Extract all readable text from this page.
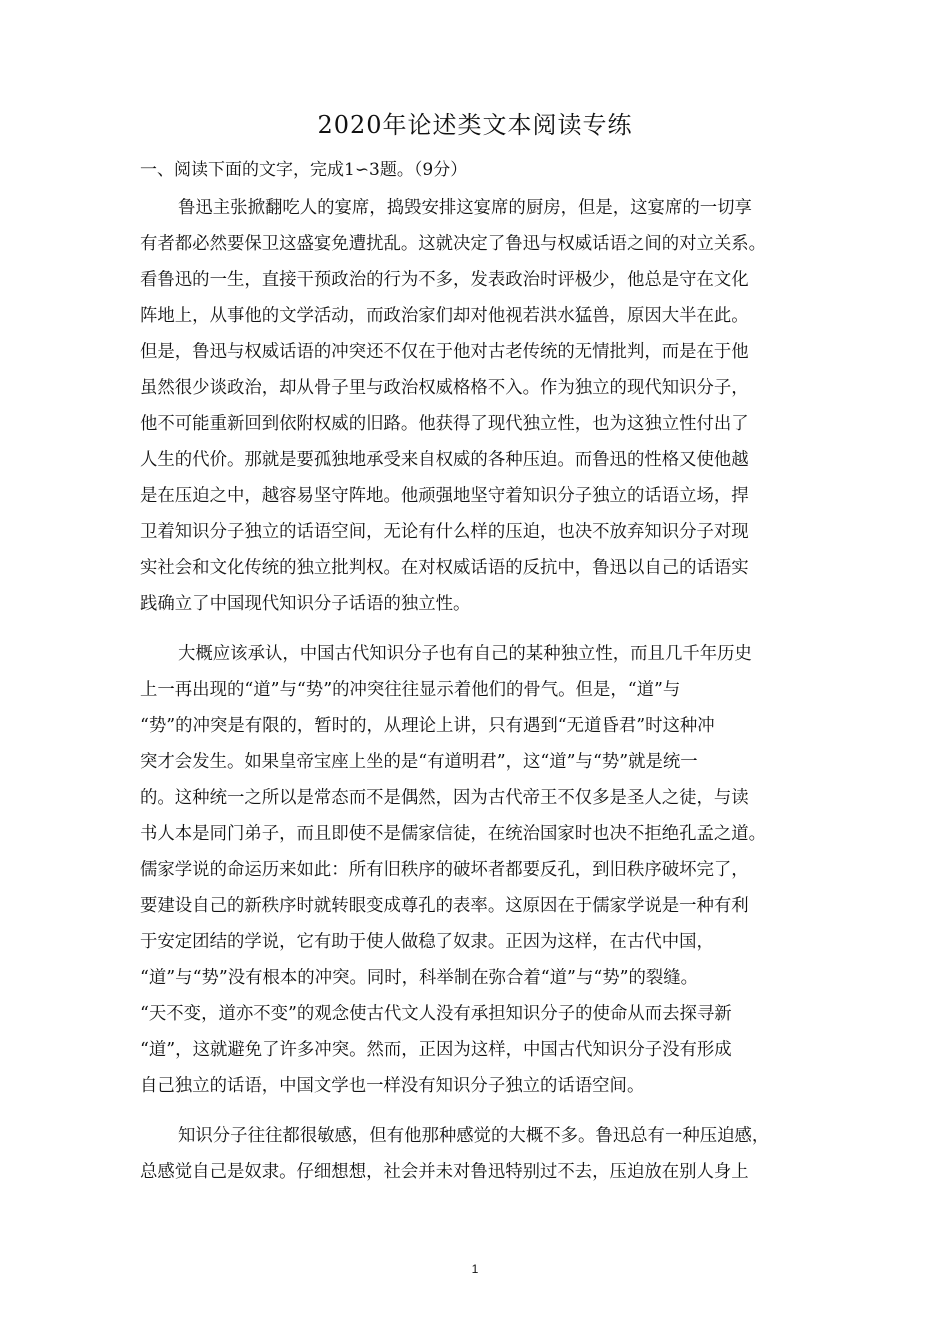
2020年论述类文本阅读专练
一、阅读下面的文字，完成1∽3题。（9分）
鲁迅主张掀翻吃人的宴席，捣毁安排这宴席的厨房，但是，这宴席的一切享
有者都必然要保卫这盛宴免遭扰乱。这就决定了鲁迅与权威话语之间的对立关系。
看鲁迅的一生，直接干预政治的行为不多，发表政治时评极少，他总是守在文化
阵地上，从事他的文学活动，而政治家们却对他视若洪水猛兽，原因大半在此。
但是，鲁迅与权威话语的冲突还不仅在于他对古老传统的无情批判，而是在于他
虽然很少谈政治，却从骨子里与政治权威格格不入。作为独立的现代知识分子，
他不可能重新回到依附权威的旧路。他获得了现代独立性，也为这独立性付出了
人生的代价。那就是要孤独地承受来自权威的各种压迫。而鲁迅的性格又使他越
是在压迫之中，越容易坚守阵地。他顽强地坚守着知识分子独立的话语立场，捍
卫着知识分子独立的话语空间，无论有什么样的压迫，也决不放弃知识分子对现
实社会和文化传统的独立批判权。在对权威话语的反抗中，鲁迅以自己的话语实
践确立了中国现代知识分子话语的独立性。
大概应该承认，中国古代知识分子也有自己的某种独立性，而且几千年历史
上一再出现的“道”与“势”的冲突往往显示着他们的骨气。但是，“道”与
“势”的冲突是有限的，暂时的，从理论上讲，只有遇到“无道昏君”时这种冲
突才会发生。如果皇帝宝座上坐的是“有道明君”，这“道”与“势”就是统一
的。这种统一之所以是常态而不是偶然，因为古代帝王不仅多是圣人之徒，与读
书人本是同门弟子，而且即使不是儒家信徒，在统治国家时也决不拒绝孔孟之道。
儒家学说的命运历来如此：所有旧秩序的破坏者都要反孔，到旧秩序破坏完了，
要建设自己的新秩序时就转眼变成尊孔的表率。这原因在于儒家学说是一种有利
于安定团结的学说，它有助于使人做稳了奴隶。正因为这样，在古代中国，
“道”与“势”没有根本的冲突。同时，科举制在弥合着“道”与“势”的裂缝。
“天不变，道亦不变”的观念使古代文人没有承担知识分子的使命从而去探寻新
“道”，这就避免了许多冲突。然而，正因为这样，中国古代知识分子没有形成
自己独立的话语，中国文学也一样没有知识分子独立的话语空间。
知识分子往往都很敏感，但有他那种感觉的大概不多。鲁迅总有一种压迫感，
总感觉自己是奴隶。仔细想想，社会并未对鲁迅特别过不去，压迫放在别人身上
1
